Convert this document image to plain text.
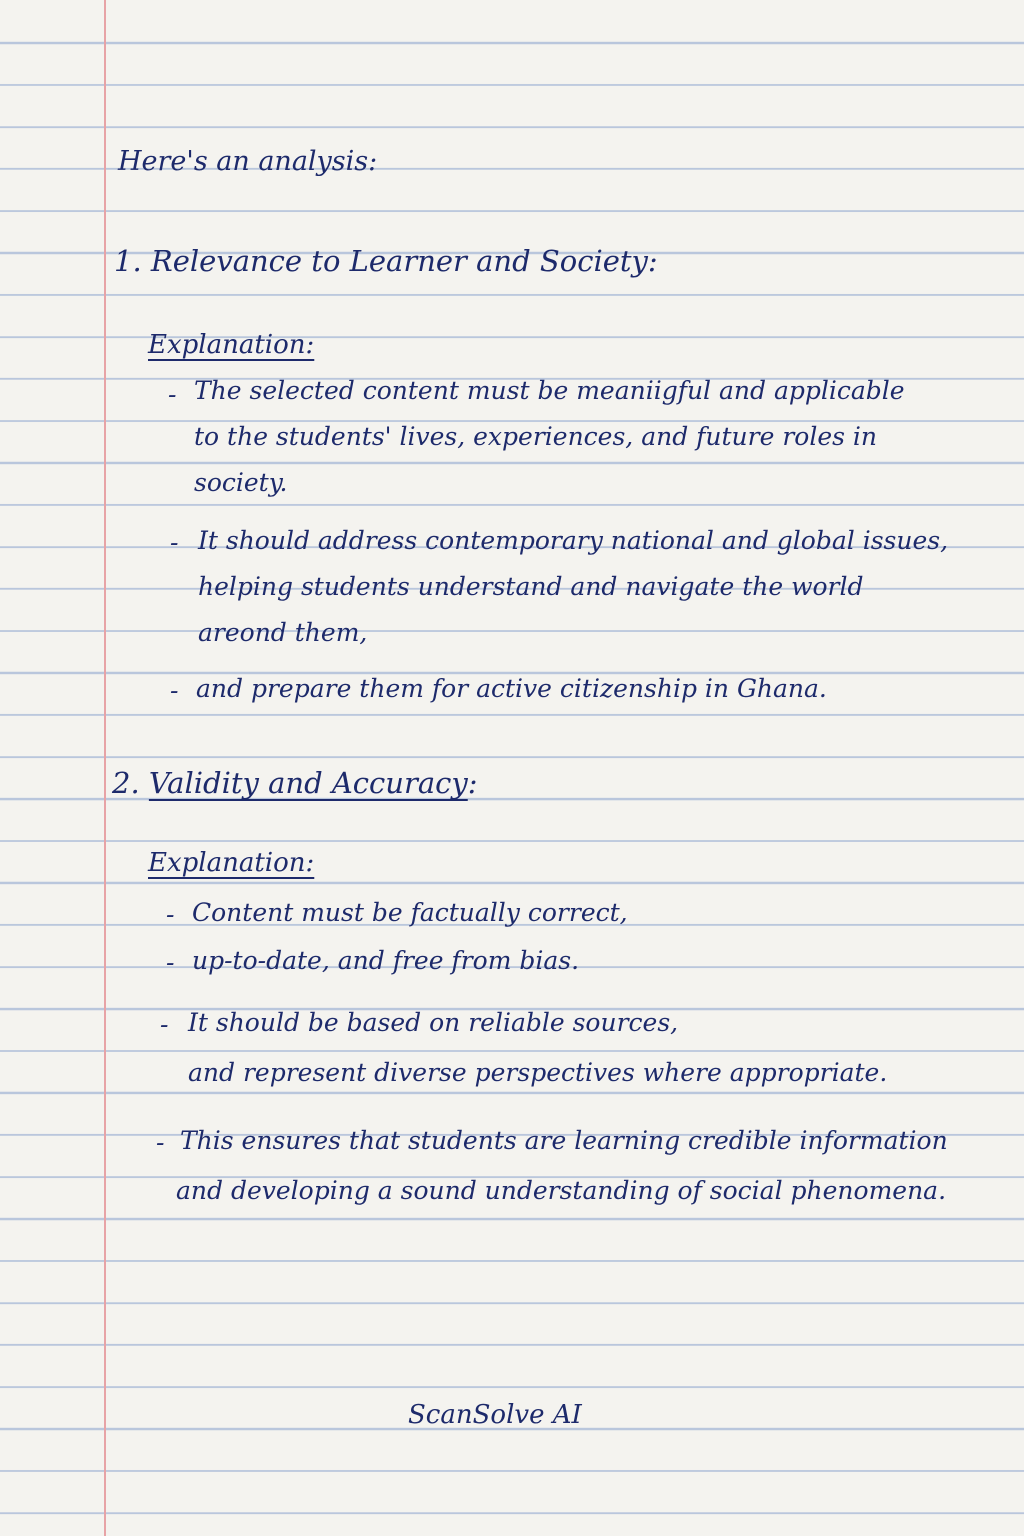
Here's an analysis:
1. Relevance to Learner and Society:
Explanation:
- The selected content must be meaniigful and applicable
to the students' lives, experiences, and future roles in
society.
- It should address contemporary national and global issues,
helping students understand and navigate the world
areond them,
- and prepare them for active citizenship in Ghana.
2. Validity and Accuracy:
Explanation:
- Content must be factually correct,
- up-to-date, and free from bias.
- It should be based on reliable sources,
and represent diverse perspectives where appropriate.
- This ensures that students are learning credible information
and developing a sound understanding of social phenomena.
ScanSolve AI
